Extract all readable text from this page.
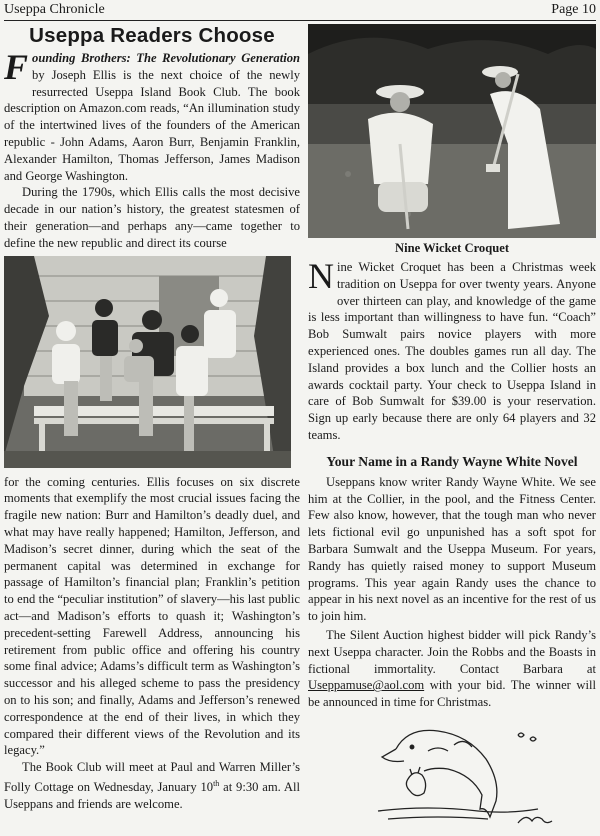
Useppa Chronicle	Page 10
Useppa Readers Choose

Founding Brothers: The Revolutionary Generation by Joseph Ellis is the next choice of the newly resurrected Useppa Island Book Club. The book description on Amazon.com reads, “An illumination study of the intertwined lives of the founders of the American republic - John Adams, Aaron Burr, Benjamin Franklin, Alexander Hamilton, Thomas Jefferson, James Madison and George Washington.

During the 1790s, which Ellis calls the most decisive decade in our nation’s history, the greatest statesmen of their generation—and perhaps any—came together to define the new republic and direct its course

for the coming centuries. Ellis focuses on six discrete moments that exemplify the most crucial issues facing the fragile new nation: Burr and Hamilton’s deadly duel, and what may have really happened; Hamilton, Jefferson, and Madison’s secret dinner, during which the seat of the permanent capital was determined in exchange for passage of Hamilton’s financial plan; Franklin’s petition to end the “peculiar institution” of slavery—his last public act—and Madison’s efforts to quash it; Washington’s precedent-setting Farewell Address, announcing his retirement from public office and offering his country some final advice; Adams’s difficult term as Washington’s successor and his alleged scheme to pass the presidency on to his son; and finally, Adams and Jefferson’s renewed correspondence at the end of their lives, in which they compared their different views of the Revolution and its legacy.”

The Book Club will meet at Paul and Warren Miller’s Folly Cottage on Wednesday, January 10th at 9:30 am. All Useppans and friends are welcome.

Nine Wicket Croquet

Nine Wicket Croquet has been a Christmas week tradition on Useppa for over twenty years. Anyone over thirteen can play, and knowledge of the game is less important than willingness to have fun. “Coach” Bob Sumwalt pairs novice players with more experienced ones. The doubles games run all day. The Island provides a box lunch and the Collier hosts an awards cocktail party. Your check to Useppa Island in care of Bob Sumwalt for $39.00 is your reservation. Sign up early because there are only 64 players and 32 teams.

Your Name in a Randy Wayne White Novel

Useppans know writer Randy Wayne White. We see him at the Collier, in the pool, and the Fitness Center. Few also know, however, that the tough man who never lets fictional evil go unpunished has a soft spot for Barbara Sumwalt and the Useppa Museum. For years, Randy has quietly raised money to support Museum programs. This year again Randy uses the chance to appear in his next novel as an incentive for the rest of us to join him.

The Silent Auction highest bidder will pick Randy’s next Useppa character. Join the Robbs and the Boasts in fictional immortality. Contact Barbara at Useppamuse@aol.com with your bid. The winner will be announced in time for Christmas.
